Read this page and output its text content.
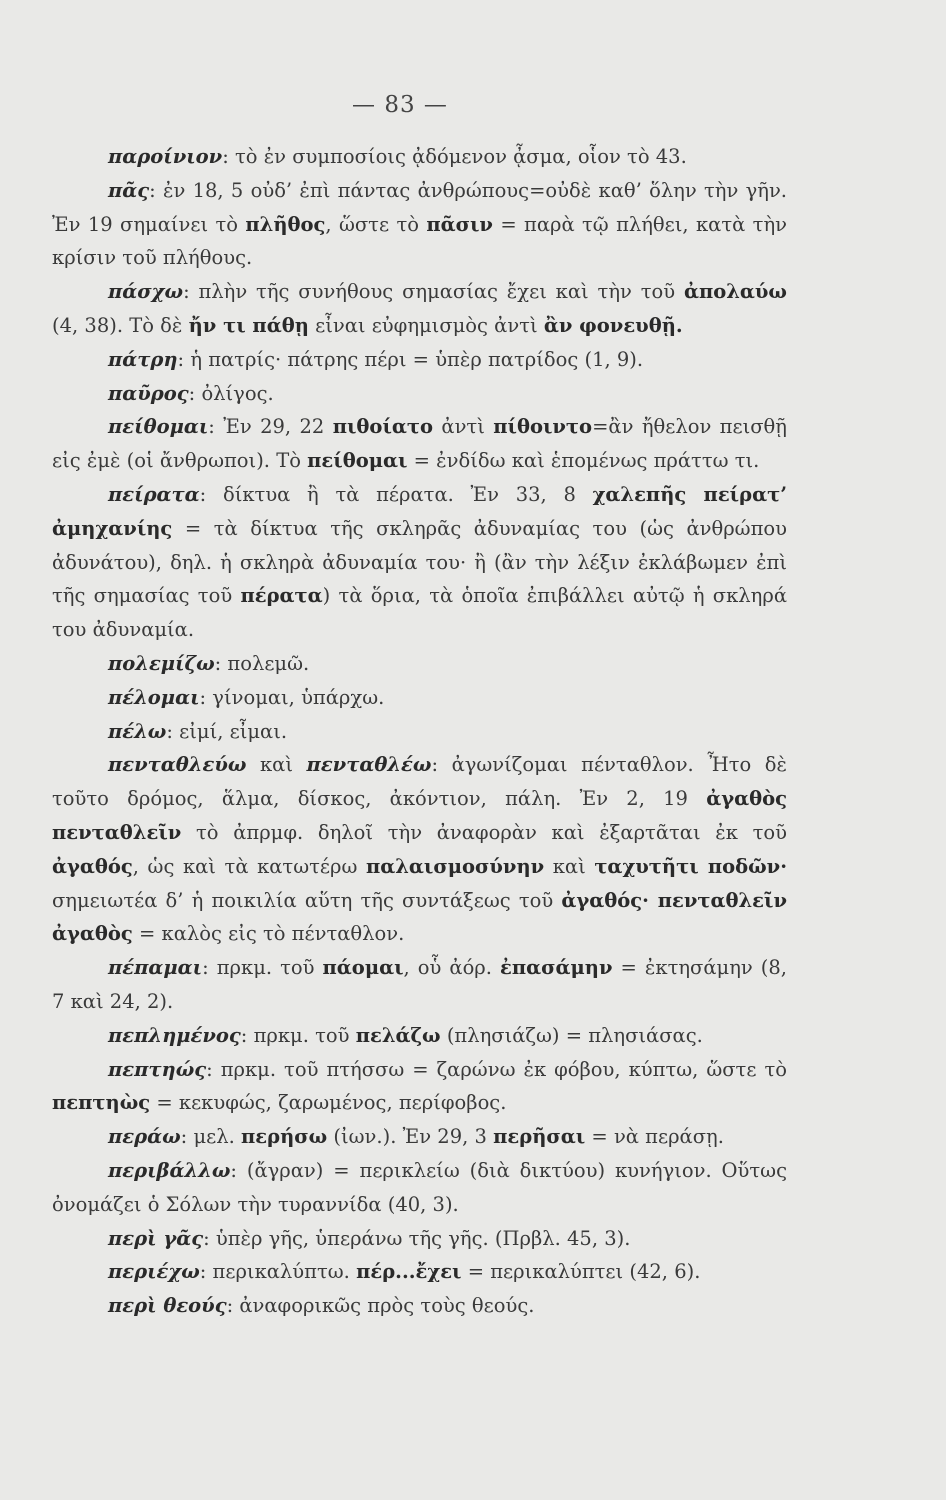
— 83 —

παροίνιον: τὸ ἐν συμποσίοις ᾀδόμενον ᾆσμα, οἷον τὸ 43.

πᾶς: ἐν 18, 5 οὐδ’ ἐπὶ πάντας ἀνθρώπους=οὐδὲ καθ’ ὅλην τὴν γῆν. Ἐν 19 σημαίνει τὸ πλῆθος, ὥστε τὸ πᾶσιν = παρὰ τῷ πλήθει, κατὰ τὴν κρίσιν τοῦ πλήθους.

πάσχω: πλὴν τῆς συνήθους σημασίας ἔχει καὶ τὴν τοῦ ἀπολαύω (4, 38). Τὸ δὲ ἤν τι πάθῃ εἶναι εὐφημισμὸς ἀντὶ ἂν φονευθῇ.

πάτρη: ἡ πατρίς· πάτρης πέρι = ὑπὲρ πατρίδος (1, 9).

παῦρος: ὀλίγος.

πείθομαι: Ἐν 29, 22 πιθοίατο ἀντὶ πίθοιντο=ἂν ἤθελον πεισθῇ εἰς ἐμὲ (οἱ ἄνθρωποι). Τὸ πείθομαι = ἐνδίδω καὶ ἑπομένως πράττω τι.

πείρατα: δίκτυα ἢ τὰ πέρατα. Ἐν 33, 8 χαλεπῆς πείρατ’ ἀμηχανίης = τὰ δίκτυα τῆς σκληρᾶς ἀδυναμίας του (ὡς ἀνθρώπου ἀδυνάτου), δηλ. ἡ σκληρὰ ἀδυναμία του· ἢ (ἂν τὴν λέξιν ἐκλάβωμεν ἐπὶ τῆς σημασίας τοῦ πέρατα) τὰ ὅρια, τὰ ὁποῖα ἐπιβάλλει αὐτῷ ἡ σκληρά του ἀδυναμία.

πολεμίζω: πολεμῶ.

πέλομαι: γίνομαι, ὑπάρχω.

πέλω: εἰμί, εἶμαι.

πενταθλεύω καὶ πενταθλέω: ἀγωνίζομαι πένταθλον. Ἦτο δὲ τοῦτο δρόμος, ἅλμα, δίσκος, ἀκόντιον, πάλη. Ἐν 2, 19 ἀγαθὸς πενταθλεῖν τὸ ἀπρμφ. δηλοῖ τὴν ἀναφορὰν καὶ ἐξαρτᾶται ἐκ τοῦ ἀγαθός, ὡς καὶ τὰ κατωτέρω παλαισμοσύνην καὶ ταχυτῆτι ποδῶν· σημειωτέα δ’ ἡ ποικιλία αὕτη τῆς συντάξεως τοῦ ἀγαθός· πενταθλεῖν ἀγαθὸς = καλὸς εἰς τὸ πένταθλον.

πέπαμαι: πρκμ. τοῦ πάομαι, οὗ ἀόρ. ἐπασάμην = ἐκτησάμην (8, 7 καὶ 24, 2).

πεπλημένος: πρκμ. τοῦ πελάζω (πλησιάζω) = πλησιάσας.

πεπτηώς: πρκμ. τοῦ πτήσσω = ζαρώνω ἐκ φόβου, κύπτω, ὥστε τὸ πεπτηὼς = κεκυφώς, ζαρωμένος, περίφοβος.

περάω: μελ. περήσω (ἰων.). Ἐν 29, 3 περῆσαι = νὰ περάσῃ.

περιβάλλω: (ἄγραν) = περικλείω (διὰ δικτύου) κυνήγιον. Οὕτως ὀνομάζει ὁ Σόλων τὴν τυραννίδα (40, 3).

περὶ γᾶς: ὑπὲρ γῆς, ὑπεράνω τῆς γῆς. (Πρβλ. 45, 3).

περιέχω: περικαλύπτω. πέρ...ἔχει = περικαλύπτει (42, 6).

περὶ θεούς: ἀναφορικῶς πρὸς τοὺς θεούς.
